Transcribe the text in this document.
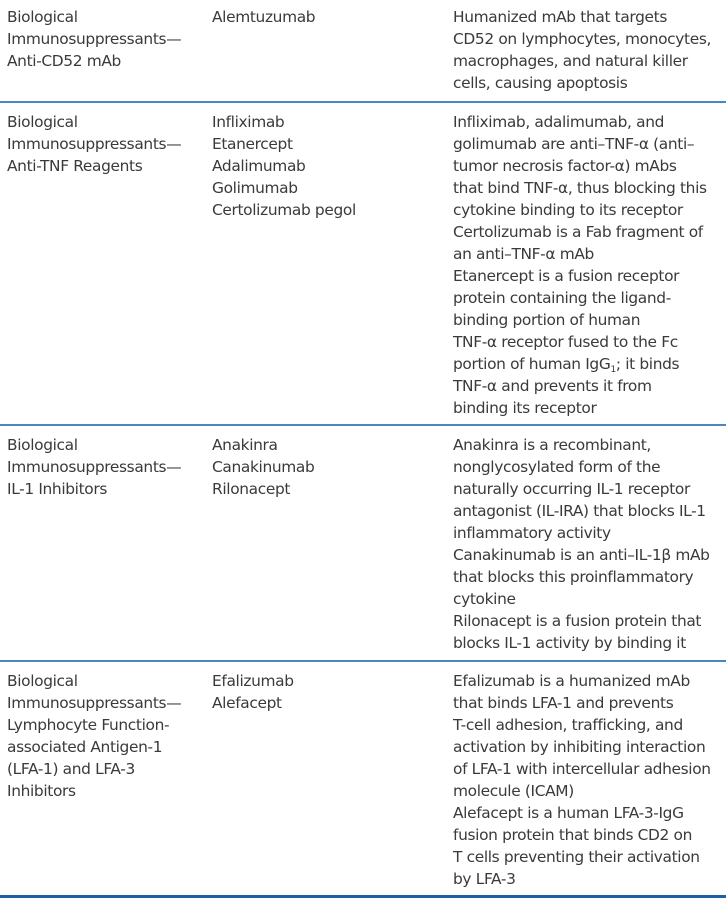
Biological
Immunosuppressants—
Anti-CD52 mAb
Alemtuzumab	Humanized mAb that targets
CD52 on lymphocytes, monocytes,
macrophages, and natural killer
cells, causing apoptosis
Biological
Immunosuppressants—
Anti-TNF Reagents
Infliximab
Etanercept
Adalimumab
Golimumab
Certolizumab pegol
Infliximab, adalimumab, and
golimumab are anti–TNF-α (anti–
tumor necrosis factor-α) mAbs
that bind TNF-α, thus blocking this
cytokine binding to its receptor
Certolizumab is a Fab fragment of
an anti–TNF-α mAb
Etanercept is a fusion receptor
protein containing the ligand-
binding portion of human
TNF-α receptor fused to the Fc
portion of human IgG$_1$; it binds
TNF-α and prevents it from
binding its receptor
Biological
Immunosuppressants—
IL-1 Inhibitors
Anakinra
Canakinumab
Rilonacept
Anakinra is a recombinant,
nonglycosylated form of the
naturally occurring IL-1 receptor
antagonist (IL-IRA) that blocks IL-1
inflammatory activity
Canakinumab is an anti–IL-1β mAb
that blocks this proinflammatory
cytokine
Rilonacept is a fusion protein that
blocks IL-1 activity by binding it
Biological
Immunosuppressants—
Lymphocyte Function-
associated Antigen-1
(LFA-1) and LFA-3
Inhibitors
Efalizumab
Alefacept
Efalizumab is a humanized mAb
that binds LFA-1 and prevents
T-cell adhesion, trafficking, and
activation by inhibiting interaction
of LFA-1 with intercellular adhesion
molecule (ICAM)
Alefacept is a human LFA-3-IgG
fusion protein that binds CD2 on
T cells preventing their activation
by LFA-3
